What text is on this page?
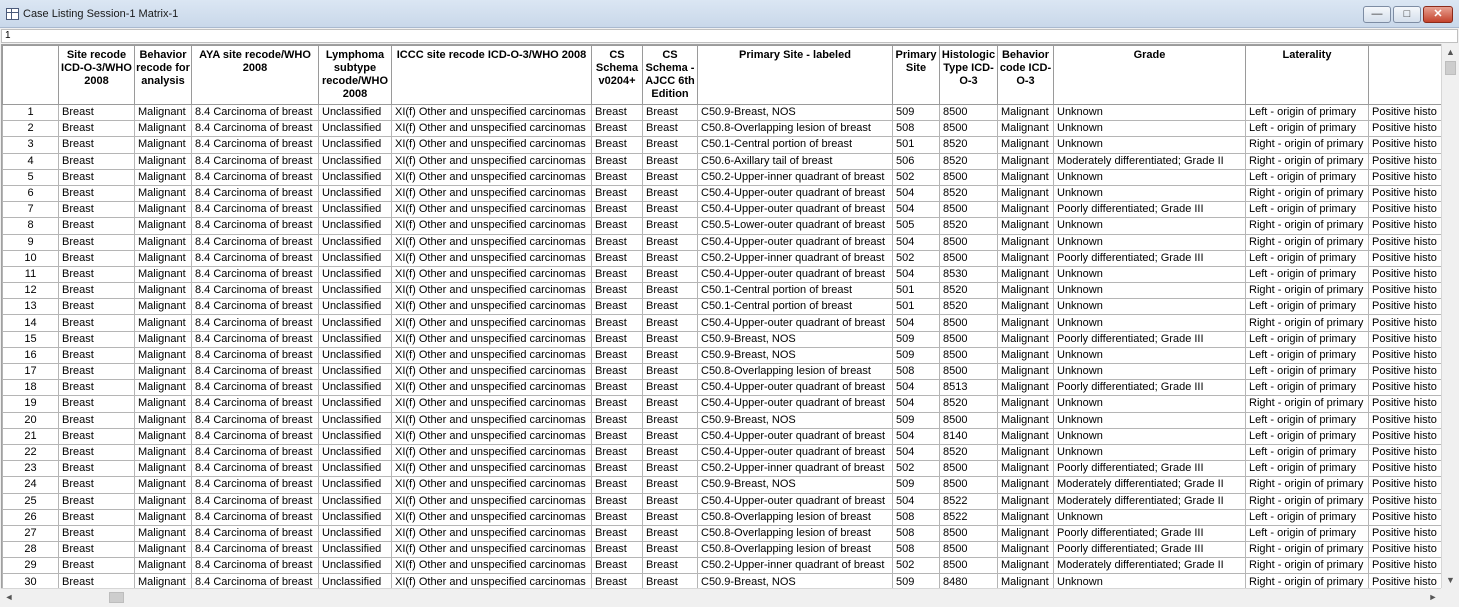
Case Listing Session-1 Matrix-1	—	□	✕
1
	Site recode ICD-O-3/WHO 2008	Behavior recode for analysis	AYA site recode/WHO 2008	Lymphoma subtype recode/WHO 2008	ICCC site recode ICD-O-3/WHO 2008	CS Schema v0204+	CS Schema - AJCC 6th Edition	Primary Site - labeled	Primary Site	Histologic Type ICD-O-3	Behavior code ICD-O-3	Grade	Laterality	
1	Breast	Malignant	8.4 Carcinoma of breast	Unclassified	XI(f) Other and unspecified carcinomas	Breast	Breast	C50.9-Breast, NOS	509	8500	Malignant	Unknown	Left - origin of primary	Positive histo
2	Breast	Malignant	8.4 Carcinoma of breast	Unclassified	XI(f) Other and unspecified carcinomas	Breast	Breast	C50.8-Overlapping lesion of breast	508	8500	Malignant	Unknown	Left - origin of primary	Positive histo
3	Breast	Malignant	8.4 Carcinoma of breast	Unclassified	XI(f) Other and unspecified carcinomas	Breast	Breast	C50.1-Central portion of breast	501	8520	Malignant	Unknown	Right - origin of primary	Positive histo
4	Breast	Malignant	8.4 Carcinoma of breast	Unclassified	XI(f) Other and unspecified carcinomas	Breast	Breast	C50.6-Axillary tail of breast	506	8520	Malignant	Moderately differentiated; Grade II	Right - origin of primary	Positive histo
5	Breast	Malignant	8.4 Carcinoma of breast	Unclassified	XI(f) Other and unspecified carcinomas	Breast	Breast	C50.2-Upper-inner quadrant of breast	502	8500	Malignant	Unknown	Left - origin of primary	Positive histo
6	Breast	Malignant	8.4 Carcinoma of breast	Unclassified	XI(f) Other and unspecified carcinomas	Breast	Breast	C50.4-Upper-outer quadrant of breast	504	8520	Malignant	Unknown	Right - origin of primary	Positive histo
7	Breast	Malignant	8.4 Carcinoma of breast	Unclassified	XI(f) Other and unspecified carcinomas	Breast	Breast	C50.4-Upper-outer quadrant of breast	504	8500	Malignant	Poorly differentiated; Grade III	Left - origin of primary	Positive histo
8	Breast	Malignant	8.4 Carcinoma of breast	Unclassified	XI(f) Other and unspecified carcinomas	Breast	Breast	C50.5-Lower-outer quadrant of breast	505	8520	Malignant	Unknown	Right - origin of primary	Positive histo
9	Breast	Malignant	8.4 Carcinoma of breast	Unclassified	XI(f) Other and unspecified carcinomas	Breast	Breast	C50.4-Upper-outer quadrant of breast	504	8500	Malignant	Unknown	Right - origin of primary	Positive histo
10	Breast	Malignant	8.4 Carcinoma of breast	Unclassified	XI(f) Other and unspecified carcinomas	Breast	Breast	C50.2-Upper-inner quadrant of breast	502	8500	Malignant	Poorly differentiated; Grade III	Left - origin of primary	Positive histo
11	Breast	Malignant	8.4 Carcinoma of breast	Unclassified	XI(f) Other and unspecified carcinomas	Breast	Breast	C50.4-Upper-outer quadrant of breast	504	8530	Malignant	Unknown	Left - origin of primary	Positive histo
12	Breast	Malignant	8.4 Carcinoma of breast	Unclassified	XI(f) Other and unspecified carcinomas	Breast	Breast	C50.1-Central portion of breast	501	8520	Malignant	Unknown	Right - origin of primary	Positive histo
13	Breast	Malignant	8.4 Carcinoma of breast	Unclassified	XI(f) Other and unspecified carcinomas	Breast	Breast	C50.1-Central portion of breast	501	8520	Malignant	Unknown	Left - origin of primary	Positive histo
14	Breast	Malignant	8.4 Carcinoma of breast	Unclassified	XI(f) Other and unspecified carcinomas	Breast	Breast	C50.4-Upper-outer quadrant of breast	504	8500	Malignant	Unknown	Right - origin of primary	Positive histo
15	Breast	Malignant	8.4 Carcinoma of breast	Unclassified	XI(f) Other and unspecified carcinomas	Breast	Breast	C50.9-Breast, NOS	509	8500	Malignant	Poorly differentiated; Grade III	Left - origin of primary	Positive histo
16	Breast	Malignant	8.4 Carcinoma of breast	Unclassified	XI(f) Other and unspecified carcinomas	Breast	Breast	C50.9-Breast, NOS	509	8500	Malignant	Unknown	Left - origin of primary	Positive histo
17	Breast	Malignant	8.4 Carcinoma of breast	Unclassified	XI(f) Other and unspecified carcinomas	Breast	Breast	C50.8-Overlapping lesion of breast	508	8500	Malignant	Unknown	Left - origin of primary	Positive histo
18	Breast	Malignant	8.4 Carcinoma of breast	Unclassified	XI(f) Other and unspecified carcinomas	Breast	Breast	C50.4-Upper-outer quadrant of breast	504	8513	Malignant	Poorly differentiated; Grade III	Left - origin of primary	Positive histo
19	Breast	Malignant	8.4 Carcinoma of breast	Unclassified	XI(f) Other and unspecified carcinomas	Breast	Breast	C50.4-Upper-outer quadrant of breast	504	8520	Malignant	Unknown	Right - origin of primary	Positive histo
20	Breast	Malignant	8.4 Carcinoma of breast	Unclassified	XI(f) Other and unspecified carcinomas	Breast	Breast	C50.9-Breast, NOS	509	8500	Malignant	Unknown	Left - origin of primary	Positive histo
21	Breast	Malignant	8.4 Carcinoma of breast	Unclassified	XI(f) Other and unspecified carcinomas	Breast	Breast	C50.4-Upper-outer quadrant of breast	504	8140	Malignant	Unknown	Left - origin of primary	Positive histo
22	Breast	Malignant	8.4 Carcinoma of breast	Unclassified	XI(f) Other and unspecified carcinomas	Breast	Breast	C50.4-Upper-outer quadrant of breast	504	8520	Malignant	Unknown	Left - origin of primary	Positive histo
23	Breast	Malignant	8.4 Carcinoma of breast	Unclassified	XI(f) Other and unspecified carcinomas	Breast	Breast	C50.2-Upper-inner quadrant of breast	502	8500	Malignant	Poorly differentiated; Grade III	Left - origin of primary	Positive histo
24	Breast	Malignant	8.4 Carcinoma of breast	Unclassified	XI(f) Other and unspecified carcinomas	Breast	Breast	C50.9-Breast, NOS	509	8500	Malignant	Moderately differentiated; Grade II	Right - origin of primary	Positive histo
25	Breast	Malignant	8.4 Carcinoma of breast	Unclassified	XI(f) Other and unspecified carcinomas	Breast	Breast	C50.4-Upper-outer quadrant of breast	504	8522	Malignant	Moderately differentiated; Grade II	Right - origin of primary	Positive histo
26	Breast	Malignant	8.4 Carcinoma of breast	Unclassified	XI(f) Other and unspecified carcinomas	Breast	Breast	C50.8-Overlapping lesion of breast	508	8522	Malignant	Unknown	Left - origin of primary	Positive histo
27	Breast	Malignant	8.4 Carcinoma of breast	Unclassified	XI(f) Other and unspecified carcinomas	Breast	Breast	C50.8-Overlapping lesion of breast	508	8500	Malignant	Poorly differentiated; Grade III	Left - origin of primary	Positive histo
28	Breast	Malignant	8.4 Carcinoma of breast	Unclassified	XI(f) Other and unspecified carcinomas	Breast	Breast	C50.8-Overlapping lesion of breast	508	8500	Malignant	Poorly differentiated; Grade III	Right - origin of primary	Positive histo
29	Breast	Malignant	8.4 Carcinoma of breast	Unclassified	XI(f) Other and unspecified carcinomas	Breast	Breast	C50.2-Upper-inner quadrant of breast	502	8500	Malignant	Moderately differentiated; Grade II	Right - origin of primary	Positive histo
30	Breast	Malignant	8.4 Carcinoma of breast	Unclassified	XI(f) Other and unspecified carcinomas	Breast	Breast	C50.9-Breast, NOS	509	8480	Malignant	Unknown	Right - origin of primary	Positive histo
▲
▼
◄	►
